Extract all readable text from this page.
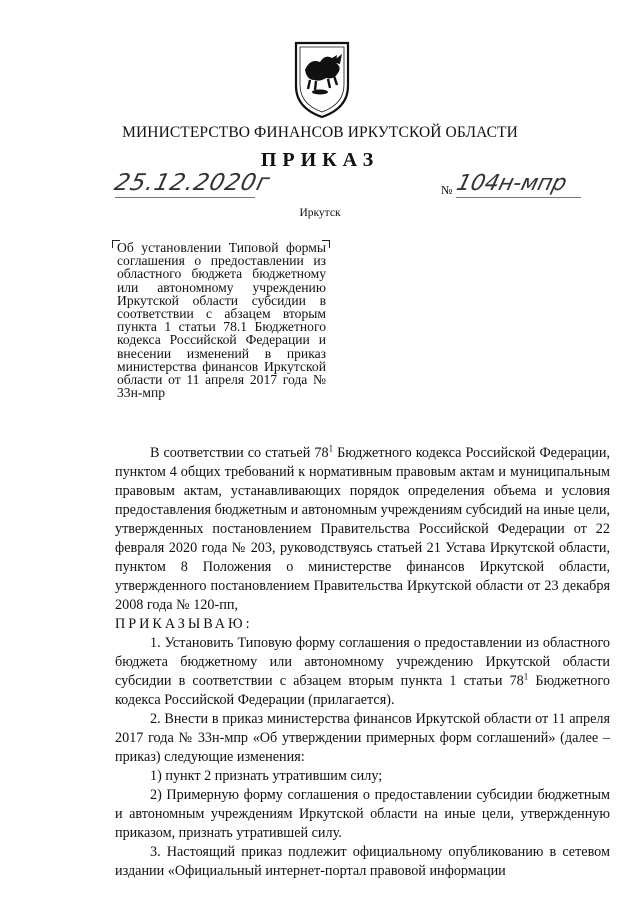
МИНИСТЕРСТВО ФИНАНСОВ ИРКУТСКОЙ ОБЛАСТИ
ПРИКАЗ
25.12.2020г	№ 104н-мпр
Иркутск
Об установлении Типовой формы соглашения о предоставлении из областного бюджета бюджетному или автономному учреждению Иркутской области субсидии в соответствии с абзацем вторым пункта 1 статьи 78.1 Бюджетного кодекса Российской Федерации и внесении изменений в приказ министерства финансов Иркутской области от 11 апреля 2017 года № 33н-мпр

В соответствии со статьей $78^1$ Бюджетного кодекса Российской Федерации, пунктом 4 общих требований к нормативным правовым актам и муниципальным правовым актам, устанавливающих порядок определения объема и условия предоставления бюджетным и автономным учреждениям субсидий на иные цели, утвержденных постановлением Правительства Российской Федерации от 22 февраля 2020 года № 203, руководствуясь статьей 21 Устава Иркутской области, пунктом 8 Положения о министерстве финансов Иркутской области, утвержденного постановлением Правительства Иркутской области от 23 декабря 2008 года № 120-пп,

ПРИКАЗЫВАЮ:

1. Установить Типовую форму соглашения о предоставлении из областного бюджета бюджетному или автономному учреждению Иркутской области субсидии в соответствии с абзацем вторым пункта 1 статьи $78^1$ Бюджетного кодекса Российской Федерации (прилагается).

2. Внести в приказ министерства финансов Иркутской области от 11 апреля 2017 года № 33н-мпр «Об утверждении примерных форм соглашений» (далее – приказ) следующие изменения:

1) пункт 2 признать утратившим силу;

2) Примерную форму соглашения о предоставлении субсидии бюджетным и автономным учреждениям Иркутской области на иные цели, утвержденную приказом, признать утратившей силу.

3. Настоящий приказ подлежит официальному опубликованию в сетевом издании «Официальный интернет-портал правовой информации
